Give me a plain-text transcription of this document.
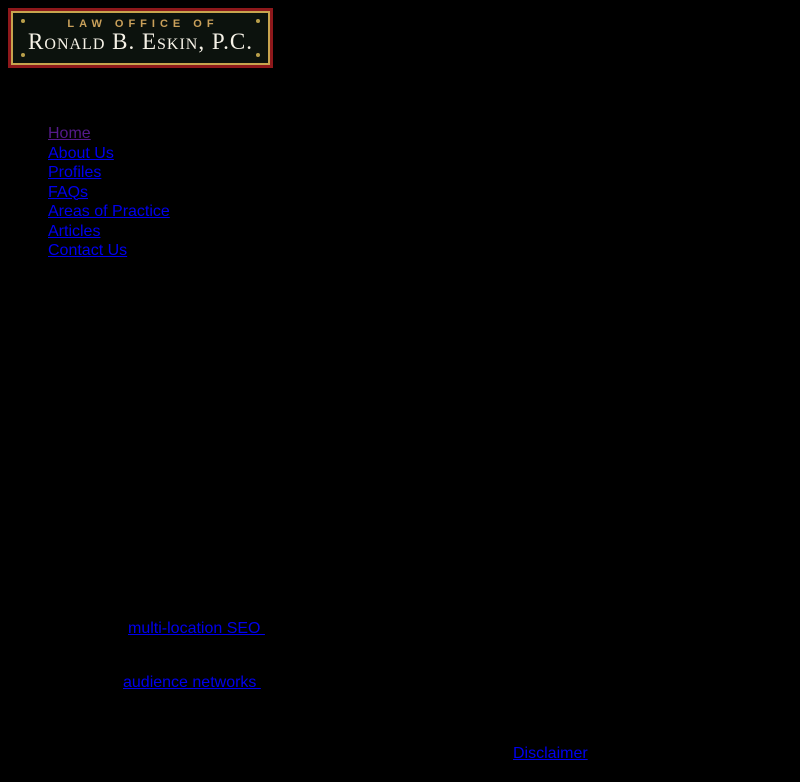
LAW OFFICE OF
Ronald B. Eskin, P.C.
Home
About Us
Profiles
FAQs
Areas of Practice
Articles
Contact Us
multi-location SEO
audience networks
Disclaimer
